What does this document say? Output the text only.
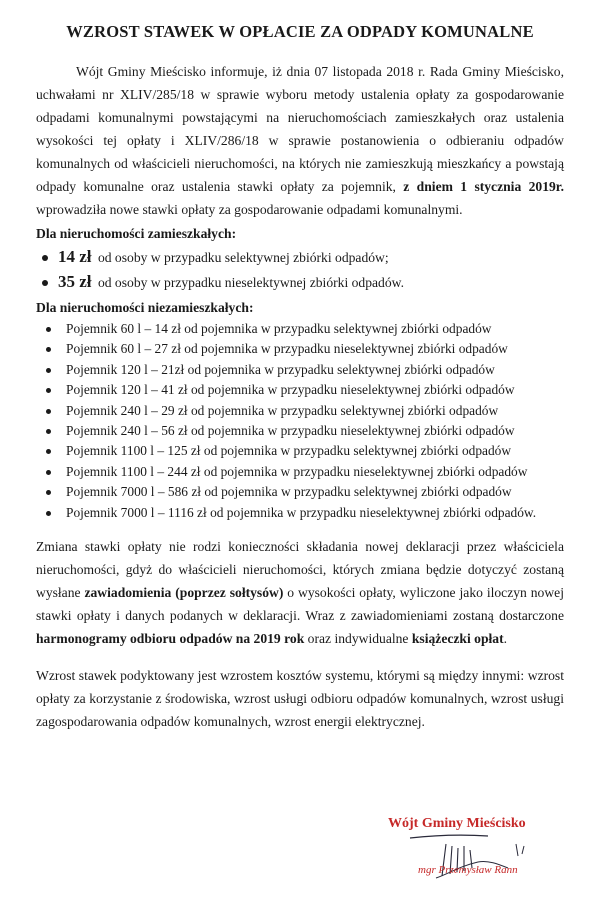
WZROST STAWEK W OPŁACIE ZA ODPADY KOMUNALNE

Wójt Gminy Mieścisko informuje, iż dnia 07 listopada 2018 r. Rada Gminy Mieścisko, uchwałami nr XLIV/285/18 w sprawie wyboru metody ustalenia opłaty za gospodarowanie odpadami komunalnymi powstającymi na nieruchomościach zamieszkałych oraz ustalenia wysokości tej opłaty i XLIV/286/18 w sprawie postanowienia o odbieraniu odpadów komunalnych od właścicieli nieruchomości, na których nie zamieszkują mieszkańcy a powstają odpady komunalne oraz ustalenia stawki opłaty za pojemnik, z dniem 1 stycznia 2019r. wprowadziła nowe stawki opłaty za gospodarowanie odpadami komunalnymi.

Dla nieruchomości zamieszkałych:
14 zł od osoby w przypadku selektywnej zbiórki odpadów;
35 zł od osoby w przypadku nieselektywnej zbiórki odpadów.
Dla nieruchomości niezamieszkałych:
Pojemnik 60 l – 14 zł od pojemnika w przypadku selektywnej zbiórki odpadów
Pojemnik 60 l – 27 zł od pojemnika w przypadku nieselektywnej zbiórki odpadów
Pojemnik 120 l – 21zł od pojemnika w przypadku selektywnej zbiórki odpadów
Pojemnik 120 l – 41 zł od pojemnika w przypadku nieselektywnej zbiórki odpadów
Pojemnik 240 l – 29 zł od pojemnika w przypadku selektywnej zbiórki odpadów
Pojemnik 240 l – 56 zł od pojemnika w przypadku nieselektywnej zbiórki odpadów
Pojemnik 1100 l – 125 zł od pojemnika w przypadku selektywnej zbiórki odpadów
Pojemnik 1100 l – 244 zł od pojemnika w przypadku nieselektywnej zbiórki odpadów
Pojemnik 7000 l – 586 zł od pojemnika w przypadku selektywnej zbiórki odpadów
Pojemnik 7000 l – 1116 zł od pojemnika w przypadku nieselektywnej zbiórki odpadów.

Zmiana stawki opłaty nie rodzi konieczności składania nowej deklaracji przez właściciela nieruchomości, gdyż do właścicieli nieruchomości, których zmiana będzie dotyczyć zostaną wysłane zawiadomienia (poprzez sołtysów) o wysokości opłaty, wyliczone jako iloczyn nowej stawki opłaty i danych podanych w deklaracji. Wraz z zawiadomieniami zostaną dostarczone harmonogramy odbioru odpadów na 2019 rok oraz indywidualne książeczki opłat.

Wzrost stawek podyktowany jest wzrostem kosztów systemu, którymi są między innymi: wzrost opłaty za korzystanie z środowiska, wzrost usługi odbioru odpadów komunalnych, wzrost usługi zagospodarowania odpadów komunalnych, wzrost energii elektrycznej.

Wójt Gminy Mieścisko
mgr Przemysław Rann
